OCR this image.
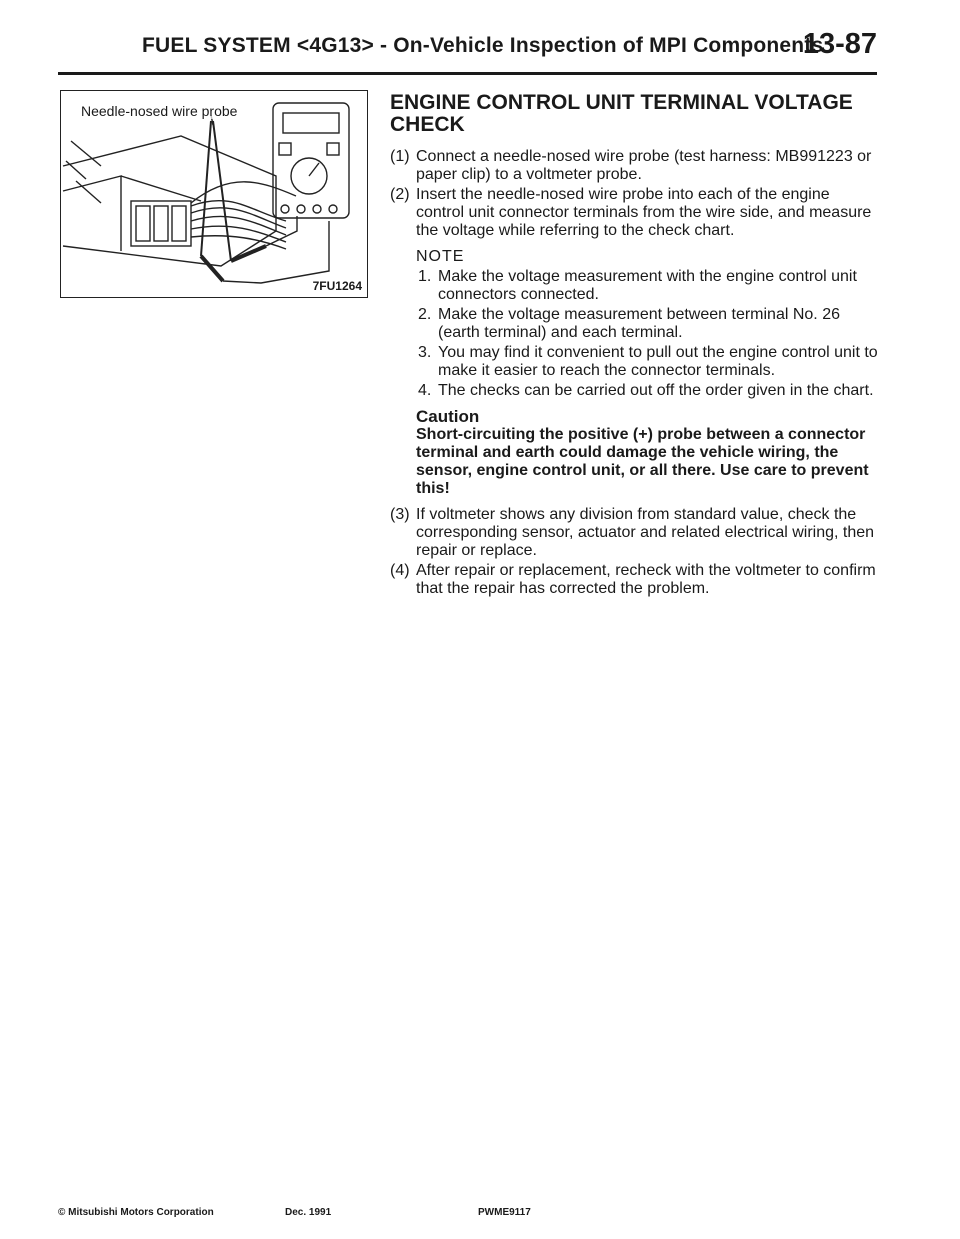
FUEL SYSTEM <4G13> - On-Vehicle Inspection of MPI Components
13-87
Needle-nosed wire probe
7FU1264
ENGINE CONTROL UNIT TERMINAL VOLTAGE CHECK
(1) Connect a needle-nosed wire probe (test harness: MB991223 or paper clip) to a voltmeter probe.
(2) Insert the needle-nosed wire probe into each of the engine control unit connector terminals from the wire side, and measure the voltage while referring to the check chart.
NOTE
1. Make the voltage measurement with the engine control unit connectors connected.
2. Make the voltage measurement between terminal No. 26 (earth terminal) and each terminal.
3. You may find it convenient to pull out the engine control unit to make it easier to reach the connector terminals.
4. The checks can be carried out off the order given in the chart.
Caution
Short-circuiting the positive (+) probe between a connector terminal and earth could damage the vehicle wiring, the sensor, engine control unit, or all there. Use care to prevent this!
(3) If voltmeter shows any division from standard value, check the corresponding sensor, actuator and related electrical wiring, then repair or replace.
(4) After repair or replacement, recheck with the voltmeter to confirm that the repair has corrected the problem.
© Mitsubishi Motors Corporation	Dec. 1991	PWME9117
